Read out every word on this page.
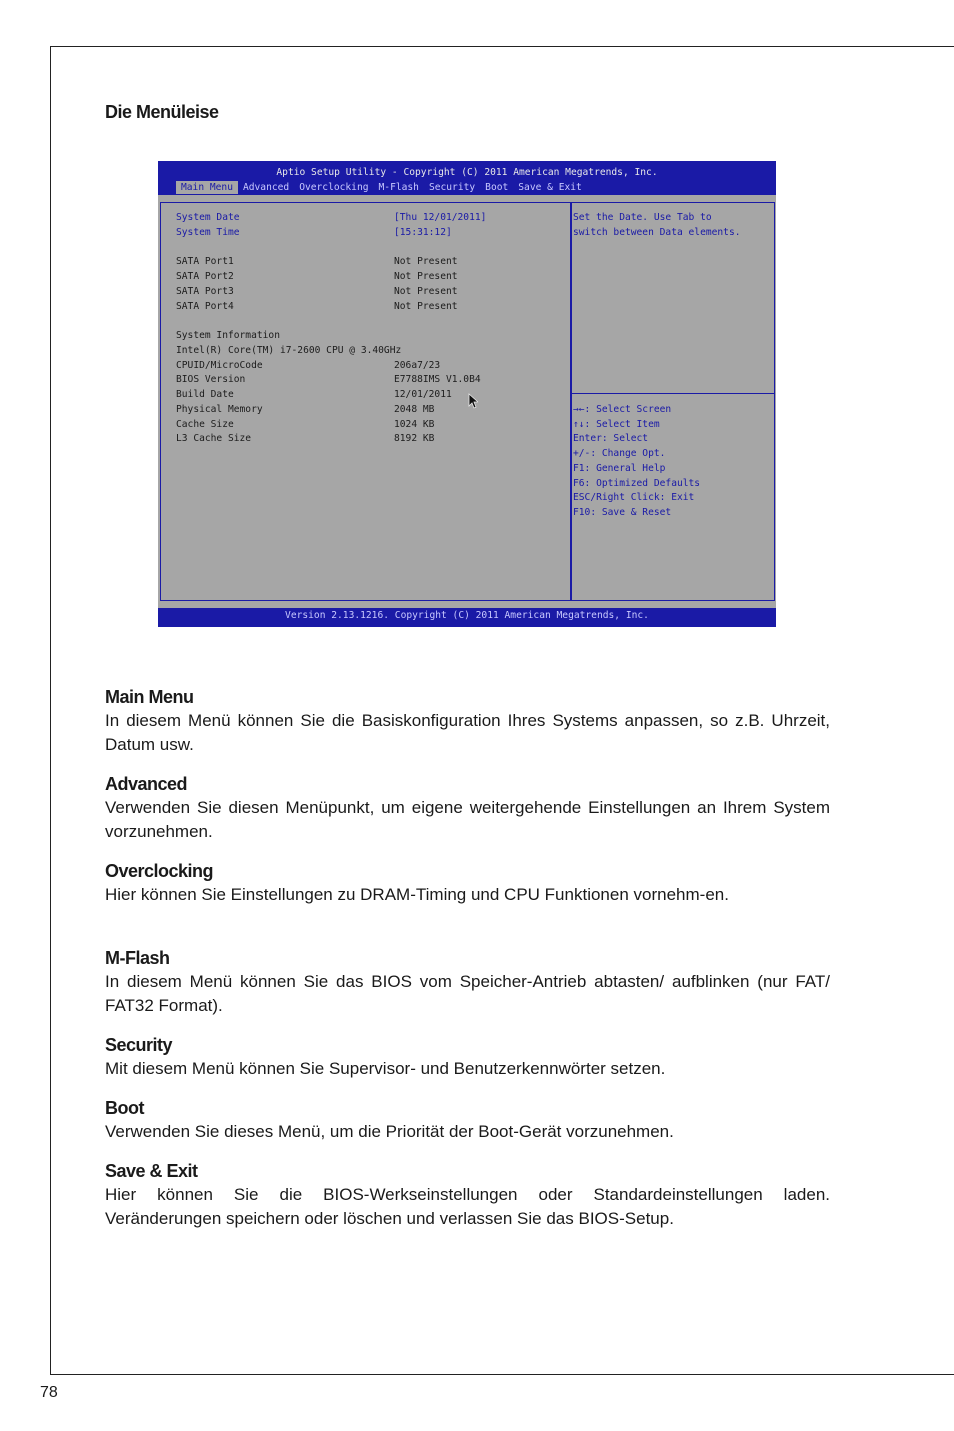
Die Menüleise
Aptio Setup Utility - Copyright (C) 2011 American Megatrends, Inc.
Main Menu	Advanced	Overclocking	M-Flash	Security	Boot	Save & Exit
System Date	[Thu 12/01/2011]
System Time	[15:31:12]
SATA Port1	Not Present
SATA Port2	Not Present
SATA Port3	Not Present
SATA Port4	Not Present
System Information
Intel(R) Core(TM) i7-2600 CPU @ 3.40GHz
CPUID/MicroCode	206a7/23
BIOS Version	E7788IMS V1.0B4
Build Date	12/01/2011
Physical Memory	2048 MB
Cache Size	1024 KB
L3 Cache Size	8192 KB
Set the Date. Use Tab to
switch between Data elements.
→←: Select Screen
↑↓: Select Item
Enter: Select
+/-: Change Opt.
F1: General Help
F6: Optimized Defaults
ESC/Right Click: Exit
F10: Save & Reset
Version 2.13.1216. Copyright (C) 2011 American Megatrends, Inc.
Main Menu
In diesem Menü können Sie die Basiskonfiguration Ihres Systems anpassen, so z.B. Uhrzeit, Datum usw.
Advanced
Verwenden Sie diesen Menüpunkt, um eigene weitergehende Einstellungen an Ihrem System vorzunehmen.
Overclocking
Hier können Sie Einstellungen zu DRAM-Timing und CPU Funktionen vornehm-en.
M-Flash
In diesem Menü können Sie das BIOS vom Speicher-Antrieb abtasten/ aufblinken (nur FAT/ FAT32 Format).
Security
Mit diesem Menü können Sie Supervisor- und Benutzerkennwörter setzen.
Boot
Verwenden Sie dieses Menü, um die Priorität der Boot-Gerät vorzunehmen.
Save & Exit
Hier können Sie die BIOS-Werkseinstellungen oder Standardeinstellungen laden. Veränderungen speichern oder löschen und verlassen Sie das BIOS-Setup.
78
